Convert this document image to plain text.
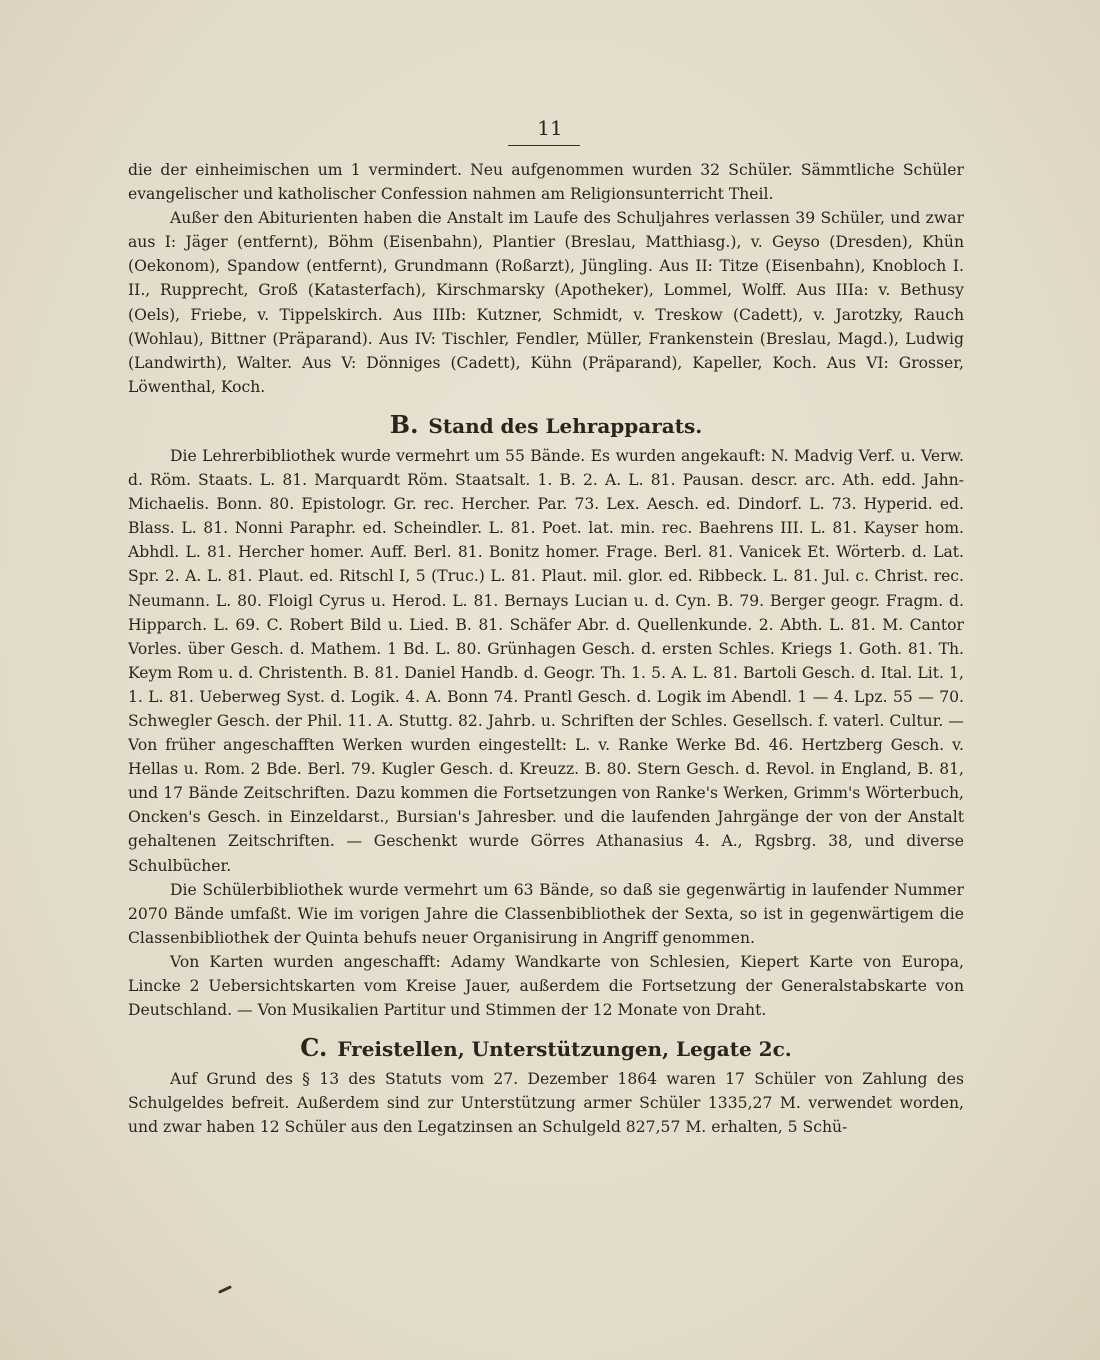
11

die der einheimischen um 1 vermindert. Neu aufgenommen wurden 32 Schüler. Sämmtliche Schüler evangelischer und katholischer Confession nahmen am Religionsunterricht Theil.

Außer den Abiturienten haben die Anstalt im Laufe des Schuljahres verlassen 39 Schüler, und zwar aus I: Jäger (entfernt), Böhm (Eisenbahn), Plantier (Breslau, Matthiasg.), v. Geyso (Dresden), Khün (Oekonom), Spandow (entfernt), Grundmann (Roßarzt), Jüngling. Aus II: Titze (Eisenbahn), Knobloch I. II., Rupprecht, Groß (Katasterfach), Kirschmarsky (Apotheker), Lommel, Wolff. Aus IIIa: v. Bethusy (Oels), Friebe, v. Tippelskirch. Aus IIIb: Kutzner, Schmidt, v. Treskow (Cadett), v. Jarotzky, Rauch (Wohlau), Bittner (Präparand). Aus IV: Tischler, Fendler, Müller, Frankenstein (Breslau, Magd.), Ludwig (Landwirth), Walter. Aus V: Dönniges (Cadett), Kühn (Präparand), Kapeller, Koch. Aus VI: Grosser, Löwenthal, Koch.

B. Stand des Lehrapparats.

Die Lehrerbibliothek wurde vermehrt um 55 Bände. Es wurden angekauft: N. Madvig Verf. u. Verw. d. Röm. Staats. L. 81. Marquardt Röm. Staatsalt. 1. B. 2. A. L. 81. Pausan. descr. arc. Ath. edd. Jahn-Michaelis. Bonn. 80. Epistologr. Gr. rec. Hercher. Par. 73. Lex. Aesch. ed. Dindorf. L. 73. Hyperid. ed. Blass. L. 81. Nonni Paraphr. ed. Scheindler. L. 81. Poet. lat. min. rec. Baehrens III. L. 81. Kayser hom. Abhdl. L. 81. Hercher homer. Auff. Berl. 81. Bonitz homer. Frage. Berl. 81. Vanicek Et. Wörterb. d. Lat. Spr. 2. A. L. 81. Plaut. ed. Ritschl I, 5 (Truc.) L. 81. Plaut. mil. glor. ed. Ribbeck. L. 81. Jul. c. Christ. rec. Neumann. L. 80. Floigl Cyrus u. Herod. L. 81. Bernays Lucian u. d. Cyn. B. 79. Berger geogr. Fragm. d. Hipparch. L. 69. C. Robert Bild u. Lied. B. 81. Schäfer Abr. d. Quellenkunde. 2. Abth. L. 81. M. Cantor Vorles. über Gesch. d. Mathem. 1 Bd. L. 80. Grünhagen Gesch. d. ersten Schles. Kriegs 1. Goth. 81. Th. Keym Rom u. d. Christenth. B. 81. Daniel Handb. d. Geogr. Th. 1. 5. A. L. 81. Bartoli Gesch. d. Ital. Lit. 1, 1. L. 81. Ueberweg Syst. d. Logik. 4. A. Bonn 74. Prantl Gesch. d. Logik im Abendl. 1 — 4. Lpz. 55 — 70. Schwegler Gesch. der Phil. 11. A. Stuttg. 82. Jahrb. u. Schriften der Schles. Gesellsch. f. vaterl. Cultur. — Von früher angeschafften Werken wurden eingestellt: L. v. Ranke Werke Bd. 46. Hertzberg Gesch. v. Hellas u. Rom. 2 Bde. Berl. 79. Kugler Gesch. d. Kreuzz. B. 80. Stern Gesch. d. Revol. in England, B. 81, und 17 Bände Zeitschriften. Dazu kommen die Fortsetzungen von Ranke's Werken, Grimm's Wörterbuch, Oncken's Gesch. in Einzeldarst., Bursian's Jahresber. und die laufenden Jahrgänge der von der Anstalt gehaltenen Zeitschriften. — Geschenkt wurde Görres Athanasius 4. A., Rgsbrg. 38, und diverse Schulbücher.

Die Schülerbibliothek wurde vermehrt um 63 Bände, so daß sie gegenwärtig in laufender Nummer 2070 Bände umfaßt. Wie im vorigen Jahre die Classenbibliothek der Sexta, so ist in gegenwärtigem die Classenbibliothek der Quinta behufs neuer Organisirung in Angriff genommen.

Von Karten wurden angeschafft: Adamy Wandkarte von Schlesien, Kiepert Karte von Europa, Lincke 2 Uebersichtskarten vom Kreise Jauer, außerdem die Fortsetzung der Generalstabskarte von Deutschland. — Von Musikalien Partitur und Stimmen der 12 Monate von Draht.

C. Freistellen, Unterstützungen, Legate 2c.

Auf Grund des § 13 des Statuts vom 27. Dezember 1864 waren 17 Schüler von Zahlung des Schulgeldes befreit. Außerdem sind zur Unterstützung armer Schüler 1335,27 M. verwendet worden, und zwar haben 12 Schüler aus den Legatzinsen an Schulgeld 827,57 M. erhalten, 5 Schü-
